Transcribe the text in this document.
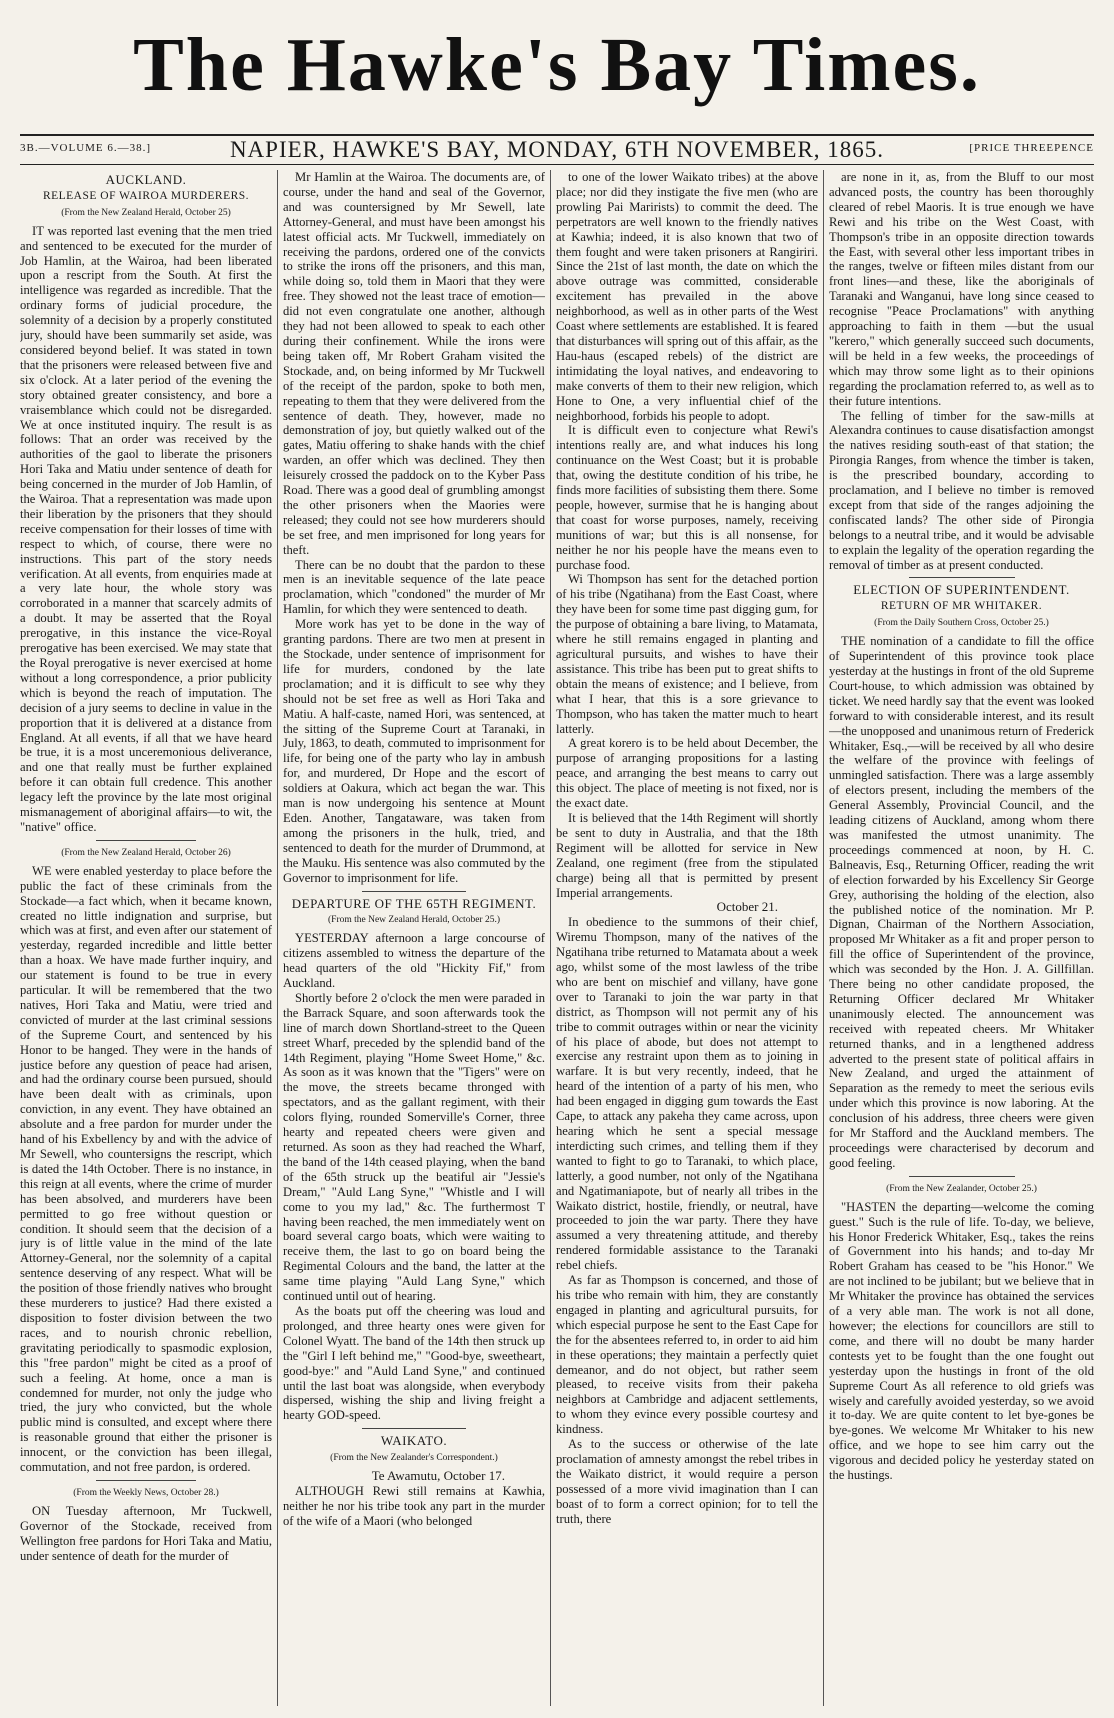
The Hawke's Bay Times.
3B.—VOLUME 6.—38.]	NAPIER, HAWKE'S BAY, MONDAY, 6TH NOVEMBER, 1865.	[PRICE THREEPENCE

AUCKLAND.

RELEASE OF WAIROA MURDERERS.

(From the New Zealand Herald, October 25)

IT was reported last evening that the men tried and sentenced to be executed for the murder of Job Hamlin, at the Wairoa, had been liberated upon a rescript from the South. At first the intelligence was regarded as incredible. That the ordinary forms of judicial procedure, the solemnity of a decision by a properly constituted jury, should have been summarily set aside, was considered beyond belief. It was stated in town that the prisoners were released between five and six o'clock. At a later period of the evening the story obtained greater consistency, and bore a vraisemblance which could not be disregarded. We at once instituted inquiry. The result is as follows: That an order was received by the authorities of the gaol to liberate the prisoners Hori Taka and Matiu under sentence of death for being concerned in the murder of Job Hamlin, of the Wairoa. That a representation was made upon their liberation by the prisoners that they should receive compensation for their losses of time with respect to which, of course, there were no instructions. This part of the story needs verification. At all events, from enquiries made at a very late hour, the whole story was corroborated in a manner that scarcely admits of a doubt. It may be asserted that the Royal prerogative, in this instance the vice-Royal prerogative has been exercised. We may state that the Royal prerogative is never exercised at home without a long correspondence, a prior publicity which is beyond the reach of imputation. The decision of a jury seems to decline in value in the proportion that it is delivered at a distance from England. At all events, if all that we have heard be true, it is a most unceremonious deliverance, and one that really must be further explained before it can obtain full credence. This another legacy left the province by the late most original mismanagement of aboriginal affairs—to wit, the "native" office.

(From the New Zealand Herald, October 26)

WE were enabled yesterday to place before the public the fact of these criminals from the Stockade—a fact which, when it became known, created no little indignation and surprise, but which was at first, and even after our statement of yesterday, regarded incredible and little better than a hoax. We have made further inquiry, and our statement is found to be true in every particular. It will be remembered that the two natives, Hori Taka and Matiu, were tried and convicted of murder at the last criminal sessions of the Supreme Court, and sentenced by his Honor to be hanged. They were in the hands of justice before any question of peace had arisen, and had the ordinary course been pursued, should have been dealt with as criminals, upon conviction, in any event. They have obtained an absolute and a free pardon for murder under the hand of his Exbellency by and with the advice of Mr Sewell, who countersigns the rescript, which is dated the 14th October. There is no instance, in this reign at all events, where the crime of murder has been absolved, and murderers have been permitted to go free without question or condition. It should seem that the decision of a jury is of little value in the mind of the late Attorney-General, nor the solemnity of a capital sentence deserving of any respect. What will be the position of those friendly natives who brought these murderers to justice? Had there existed a disposition to foster division between the two races, and to nourish chronic rebellion, gravitating periodically to spasmodic explosion, this "free pardon" might be cited as a proof of such a feeling. At home, once a man is condemned for murder, not only the judge who tried, the jury who convicted, but the whole public mind is consulted, and except where there is reasonable ground that either the prisoner is innocent, or the conviction has been illegal, commutation, and not free pardon, is ordered.

(From the Weekly News, October 28.)

ON Tuesday afternoon, Mr Tuckwell, Governor of the Stockade, received from Wellington free pardons for Hori Taka and Matiu, under sentence of death for the murder of

Mr Hamlin at the Wairoa. The documents are, of course, under the hand and seal of the Governor, and was countersigned by Mr Sewell, late Attorney-General, and must have been amongst his latest official acts. Mr Tuckwell, immediately on receiving the pardons, ordered one of the convicts to strike the irons off the prisoners, and this man, while doing so, told them in Maori that they were free. They showed not the least trace of emotion—did not even congratulate one another, although they had not been allowed to speak to each other during their confinement. While the irons were being taken off, Mr Robert Graham visited the Stockade, and, on being informed by Mr Tuckwell of the receipt of the pardon, spoke to both men, repeating to them that they were delivered from the sentence of death. They, however, made no demonstration of joy, but quietly walked out of the gates, Matiu offering to shake hands with the chief warden, an offer which was declined. They then leisurely crossed the paddock on to the Kyber Pass Road. There was a good deal of grumbling amongst the other prisoners when the Maories were released; they could not see how murderers should be set free, and men imprisoned for long years for theft.

There can be no doubt that the pardon to these men is an inevitable sequence of the late peace proclamation, which "condoned" the murder of Mr Hamlin, for which they were sentenced to death.

More work has yet to be done in the way of granting pardons. There are two men at present in the Stockade, under sentence of imprisonment for life for murders, condoned by the late proclamation; and it is difficult to see why they should not be set free as well as Hori Taka and Matiu. A half-caste, named Hori, was sentenced, at the sitting of the Supreme Court at Taranaki, in July, 1863, to death, commuted to imprisonment for life, for being one of the party who lay in ambush for, and murdered, Dr Hope and the escort of soldiers at Oakura, which act began the war. This man is now undergoing his sentence at Mount Eden. Another, Tangataware, was taken from among the prisoners in the hulk, tried, and sentenced to death for the murder of Drummond, at the Mauku. His sentence was also commuted by the Governor to imprisonment for life.

DEPARTURE OF THE 65TH REGIMENT.

(From the New Zealand Herald, October 25.)

YESTERDAY afternoon a large concourse of citizens assembled to witness the departure of the head quarters of the old "Hickity Fif," from Auckland.

Shortly before 2 o'clock the men were paraded in the Barrack Square, and soon afterwards took the line of march down Shortland-street to the Queen street Wharf, preceded by the splendid band of the 14th Regiment, playing "Home Sweet Home," &c. As soon as it was known that the "Tigers" were on the move, the streets became thronged with spectators, and as the gallant regiment, with their colors flying, rounded Somerville's Corner, three hearty and repeated cheers were given and returned. As soon as they had reached the Wharf, the band of the 14th ceased playing, when the band of the 65th struck up the beatiful air "Jessie's Dream," "Auld Lang Syne," "Whistle and I will come to you my lad," &c. The furthermost T having been reached, the men immediately went on board several cargo boats, which were waiting to receive them, the last to go on board being the Regimental Colours and the band, the latter at the same time playing "Auld Lang Syne," which continued until out of hearing.

As the boats put off the cheering was loud and prolonged, and three hearty ones were given for Colonel Wyatt. The band of the 14th then struck up the "Girl I left behind me," "Good-bye, sweetheart, good-bye:" and "Auld Land Syne," and continued until the last boat was alongside, when everybody dispersed, wishing the ship and living freight a hearty GOD-speed.

WAIKATO.

(From the New Zealander's Correspondent.)

Te Awamutu, October 17.

ALTHOUGH Rewi still remains at Kawhia, neither he nor his tribe took any part in the murder of the wife of a Maori (who belonged

to one of the lower Waikato tribes) at the above place; nor did they instigate the five men (who are prowling Pai Marirists) to commit the deed. The perpetrators are well known to the friendly natives at Kawhia; indeed, it is also known that two of them fought and were taken prisoners at Rangiriri. Since the 21st of last month, the date on which the above outrage was committed, considerable excitement has prevailed in the above neighborhood, as well as in other parts of the West Coast where settlements are established. It is feared that disturbances will spring out of this affair, as the Hau-haus (escaped rebels) of the district are intimidating the loyal natives, and endeavoring to make converts of them to their new religion, which Hone to One, a very influential chief of the neighborhood, forbids his people to adopt.

It is difficult even to conjecture what Rewi's intentions really are, and what induces his long continuance on the West Coast; but it is probable that, owing the destitute condition of his tribe, he finds more facilities of subsisting them there. Some people, however, surmise that he is hanging about that coast for worse purposes, namely, receiving munitions of war; but this is all nonsense, for neither he nor his people have the means even to purchase food.

Wi Thompson has sent for the detached portion of his tribe (Ngatihana) from the East Coast, where they have been for some time past digging gum, for the purpose of obtaining a bare living, to Matamata, where he still remains engaged in planting and agricultural pursuits, and wishes to have their assistance. This tribe has been put to great shifts to obtain the means of existence; and I believe, from what I hear, that this is a sore grievance to Thompson, who has taken the matter much to heart latterly.

A great korero is to be held about December, the purpose of arranging propositions for a lasting peace, and arranging the best means to carry out this object. The place of meeting is not fixed, nor is the exact date.

It is believed that the 14th Regiment will shortly be sent to duty in Australia, and that the 18th Regiment will be allotted for service in New Zealand, one regiment (free from the stipulated charge) being all that is permitted by present Imperial arrangements.

October 21.

In obedience to the summons of their chief, Wiremu Thompson, many of the natives of the Ngatihana tribe returned to Matamata about a week ago, whilst some of the most lawless of the tribe who are bent on mischief and villany, have gone over to Taranaki to join the war party in that district, as Thompson will not permit any of his tribe to commit outrages within or near the vicinity of his place of abode, but does not attempt to exercise any restraint upon them as to joining in warfare. It is but very recently, indeed, that he heard of the intention of a party of his men, who had been engaged in digging gum towards the East Cape, to attack any pakeha they came across, upon hearing which he sent a special message interdicting such crimes, and telling them if they wanted to fight to go to Taranaki, to which place, latterly, a good number, not only of the Ngatihana and Ngatimaniapote, but of nearly all tribes in the Waikato district, hostile, friendly, or neutral, have proceeded to join the war party. There they have assumed a very threatening attitude, and thereby rendered formidable assistance to the Taranaki rebel chiefs.

As far as Thompson is concerned, and those of his tribe who remain with him, they are constantly engaged in planting and agricultural pursuits, for which especial purpose he sent to the East Cape for the for the absentees referred to, in order to aid him in these operations; they maintain a perfectly quiet demeanor, and do not object, but rather seem pleased, to receive visits from their pakeha neighbors at Cambridge and adjacent settlements, to whom they evince every possible courtesy and kindness.

As to the success or otherwise of the late proclamation of amnesty amongst the rebel tribes in the Waikato district, it would require a person possessed of a more vivid imagination than I can boast of to form a correct opinion; for to tell the truth, there

are none in it, as, from the Bluff to our most advanced posts, the country has been thoroughly cleared of rebel Maoris. It is true enough we have Rewi and his tribe on the West Coast, with Thompson's tribe in an opposite direction towards the East, with several other less important tribes in the ranges, twelve or fifteen miles distant from our front lines—and these, like the aboriginals of Taranaki and Wanganui, have long since ceased to recognise "Peace Proclamations" with anything approaching to faith in them —but the usual "kerero," which generally succeed such documents, will be held in a few weeks, the proceedings of which may throw some light as to their opinions regarding the proclamation referred to, as well as to their future intentions.

The felling of timber for the saw-mills at Alexandra continues to cause disatisfaction amongst the natives residing south-east of that station; the Pirongia Ranges, from whence the timber is taken, is the prescribed boundary, according to proclamation, and I believe no timber is removed except from that side of the ranges adjoining the confiscated lands? The other side of Pirongia belongs to a neutral tribe, and it would be advisable to explain the legality of the operation regarding the removal of timber as at present conducted.

ELECTION OF SUPERINTENDENT.

RETURN OF MR WHITAKER.

(From the Daily Southern Cross, October 25.)

THE nomination of a candidate to fill the office of Superintendent of this province took place yesterday at the hustings in front of the old Supreme Court-house, to which admission was obtained by ticket. We need hardly say that the event was looked forward to with considerable interest, and its result—the unopposed and unanimous return of Frederick Whitaker, Esq.,—will be received by all who desire the welfare of the province with feelings of unmingled satisfaction. There was a large assembly of electors present, including the members of the General Assembly, Provincial Council, and the leading citizens of Auckland, among whom there was manifested the utmost unanimity. The proceedings commenced at noon, by H. C. Balneavis, Esq., Returning Officer, reading the writ of election forwarded by his Excellency Sir George Grey, authorising the holding of the election, also the published notice of the nomination. Mr P. Dignan, Chairman of the Northern Association, proposed Mr Whitaker as a fit and proper person to fill the office of Superintendent of the province, which was seconded by the Hon. J. A. Gillfillan. There being no other candidate proposed, the Returning Officer declared Mr Whitaker unanimously elected. The announcement was received with repeated cheers. Mr Whitaker returned thanks, and in a lengthened address adverted to the present state of political affairs in New Zealand, and urged the attainment of Separation as the remedy to meet the serious evils under which this province is now laboring. At the conclusion of his address, three cheers were given for Mr Stafford and the Auckland members. The proceedings were characterised by decorum and good feeling.

(From the New Zealander, October 25.)

"HASTEN the departing—welcome the coming guest." Such is the rule of life. To-day, we believe, his Honor Frederick Whitaker, Esq., takes the reins of Government into his hands; and to-day Mr Robert Graham has ceased to be "his Honor." We are not inclined to be jubilant; but we believe that in Mr Whitaker the province has obtained the services of a very able man. The work is not all done, however; the elections for councillors are still to come, and there will no doubt be many harder contests yet to be fought than the one fought out yesterday upon the hustings in front of the old Supreme Court As all reference to old griefs was wisely and carefully avoided yesterday, so we avoid it to-day. We are quite content to let bye-gones be bye-gones. We welcome Mr Whitaker to his new office, and we hope to see him carry out the vigorous and decided policy he yesterday stated on the hustings.
